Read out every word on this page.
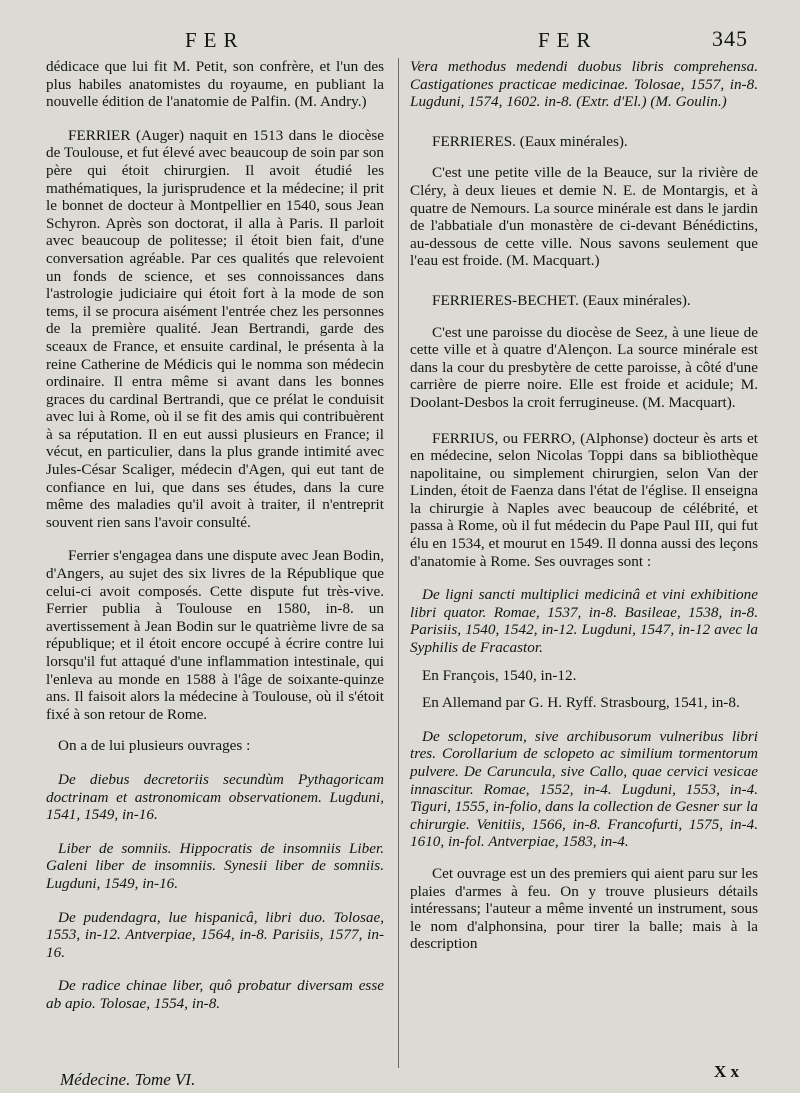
FER	FER	345

dédicace que lui fit M. Petit, son confrère, et l'un des plus habiles anatomistes du royaume, en publiant la nouvelle édition de l'anatomie de Palfin. (M. Andry.)

FERRIER (Auger) naquit en 1513 dans le diocèse de Toulouse, et fut élevé avec beaucoup de soin par son père qui étoit chirurgien. Il avoit étudié les mathématiques, la jurisprudence et la médecine; il prit le bonnet de docteur à Montpellier en 1540, sous Jean Schyron. Après son doctorat, il alla à Paris. Il parloit avec beaucoup de politesse; il étoit bien fait, d'une conversation agréable. Par ces qualités que relevoient un fonds de science, et ses connoissances dans l'astrologie judiciaire qui étoit fort à la mode de son tems, il se procura aisément l'entrée chez les personnes de la première qualité. Jean Bertrandi, garde des sceaux de France, et ensuite cardinal, le présenta à la reine Catherine de Médicis qui le nomma son médecin ordinaire. Il entra même si avant dans les bonnes graces du cardinal Bertrandi, que ce prélat le conduisit avec lui à Rome, où il se fit des amis qui contribuèrent à sa réputation. Il en eut aussi plusieurs en France; il vécut, en particulier, dans la plus grande intimité avec Jules-César Scaliger, médecin d'Agen, qui eut tant de confiance en lui, que dans ses études, dans la cure même des maladies qu'il avoit à traiter, il n'entreprit souvent rien sans l'avoir consulté.

Ferrier s'engagea dans une dispute avec Jean Bodin, d'Angers, au sujet des six livres de la République que celui-ci avoit composés. Cette dispute fut très-vive. Ferrier publia à Toulouse en 1580, in-8. un avertissement à Jean Bodin sur le quatrième livre de sa république; et il étoit encore occupé à écrire contre lui lorsqu'il fut attaqué d'une inflammation intestinale, qui l'enleva au monde en 1588 à l'âge de soixante-quinze ans. Il faisoit alors la médecine à Toulouse, où il s'étoit fixé à son retour de Rome.

On a de lui plusieurs ouvrages :

De diebus decretoriis secundùm Pythagoricam doctrinam et astronomicam observationem. Lugduni, 1541, 1549, in-16.

Liber de somniis. Hippocratis de insomniis Liber. Galeni liber de insomniis. Synesii liber de somniis. Lugduni, 1549, in-16.

De pudendagra, lue hispanicâ, libri duo. Tolosae, 1553, in-12. Antverpiae, 1564, in-8. Parisiis, 1577, in-16.

De radice chinae liber, quô probatur diversam esse ab apio. Tolosae, 1554, in-8.

Vera methodus medendi duobus libris comprehensa. Castigationes practicae medicinae. Tolosae, 1557, in-8. Lugduni, 1574, 1602. in-8. (Extr. d'El.) (M. Goulin.)

FERRIERES. (Eaux minérales).

C'est une petite ville de la Beauce, sur la rivière de Cléry, à deux lieues et demie N. E. de Montargis, et à quatre de Nemours. La source minérale est dans le jardin de l'abbatiale d'un monastère de ci-devant Bénédictins, au-dessous de cette ville. Nous savons seulement que l'eau est froide. (M. Macquart.)

FERRIERES-BECHET. (Eaux minérales).

C'est une paroisse du diocèse de Seez, à une lieue de cette ville et à quatre d'Alençon. La source minérale est dans la cour du presbytère de cette paroisse, à côté d'une carrière de pierre noire. Elle est froide et acidule; M. Doolant-Desbos la croit ferrugineuse. (M. Macquart).

FERRIUS, ou FERRO, (Alphonse) docteur ès arts et en médecine, selon Nicolas Toppi dans sa bibliothèque napolitaine, ou simplement chirurgien, selon Van der Linden, étoit de Faenza dans l'état de l'église. Il enseigna la chirurgie à Naples avec beaucoup de célébrité, et passa à Rome, où il fut médecin du Pape Paul III, qui fut élu en 1534, et mourut en 1549. Il donna aussi des leçons d'anatomie à Rome. Ses ouvrages sont :

De ligni sancti multiplici medicinâ et vini exhibitione libri quator. Romae, 1537, in-8. Basileae, 1538, in-8. Parisiis, 1540, 1542, in-12. Lugduni, 1547, in-12 avec la Syphilis de Fracastor.

En François, 1540, in-12.

En Allemand par G. H. Ryff. Strasbourg, 1541, in-8.

De sclopetorum, sive archibusorum vulneribus libri tres. Corollarium de sclopeto ac similium tormentorum pulvere. De Caruncula, sive Callo, quae cervici vesicae innascitur. Romae, 1552, in-4. Lugduni, 1553, in-4. Tiguri, 1555, in-folio, dans la collection de Gesner sur la chirurgie. Venitiis, 1566, in-8. Francofurti, 1575, in-4. 1610, in-fol. Antverpiae, 1583, in-4.

Cet ouvrage est un des premiers qui aient paru sur les plaies d'armes à feu. On y trouve plusieurs détails intéressans; l'auteur a même inventé un instrument, sous le nom d'alphonsina, pour tirer la balle; mais à la description

Médecine. Tome VI.	X x
